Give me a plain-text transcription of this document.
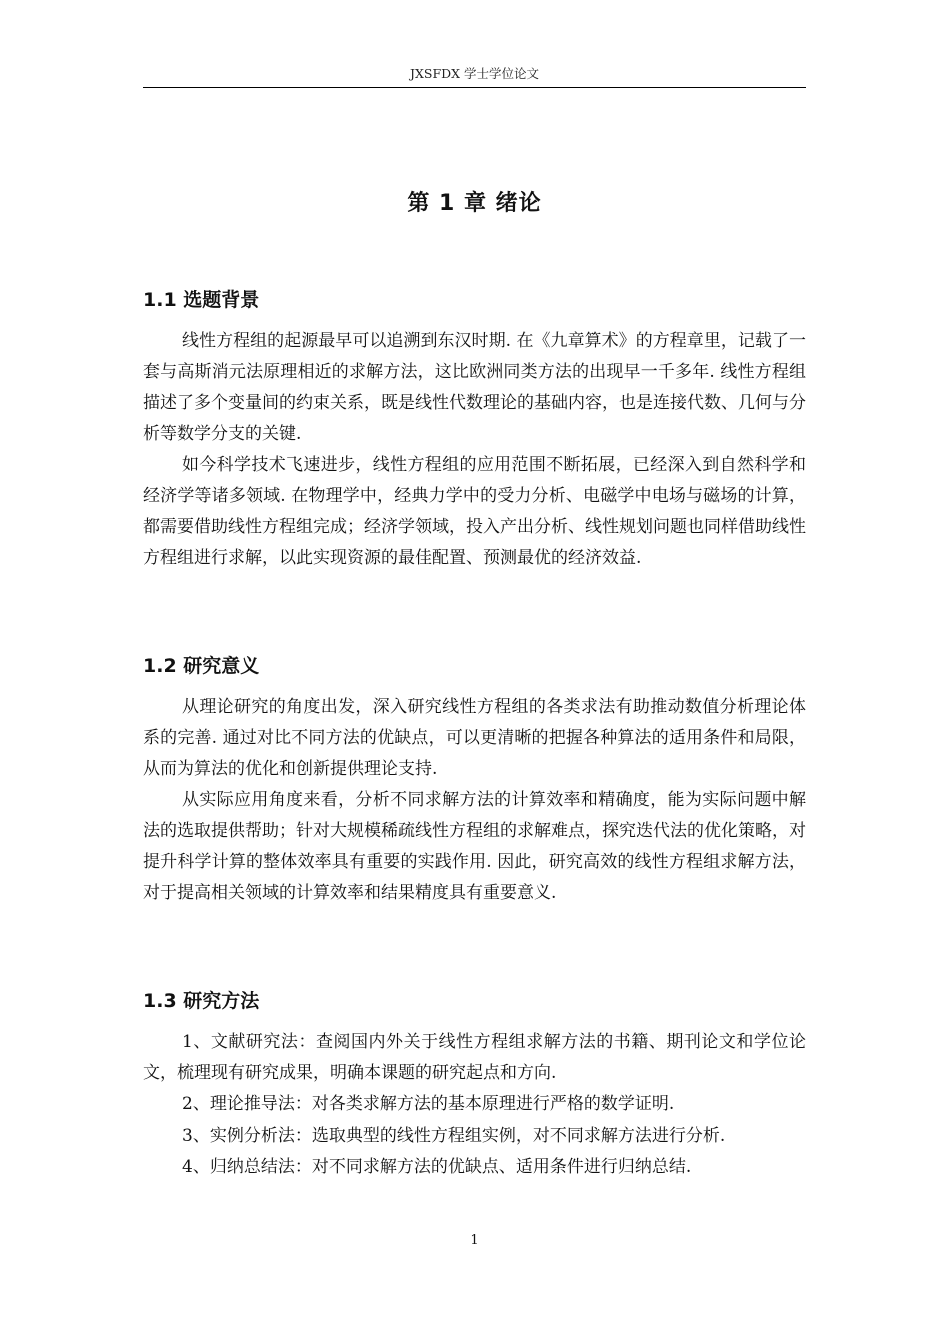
JXSFDX 学士学位论文
第 1 章 绪论
1.1 选题背景

线性方程组的起源最早可以追溯到东汉时期. 在《九章算术》的方程章里，记载了一套与高斯消元法原理相近的求解方法，这比欧洲同类方法的出现早一千多年. 线性方程组描述了多个变量间的约束关系，既是线性代数理论的基础内容，也是连接代数、几何与分析等数学分支的关键.

如今科学技术飞速进步，线性方程组的应用范围不断拓展，已经深入到自然科学和经济学等诸多领域. 在物理学中，经典力学中的受力分析、电磁学中电场与磁场的计算，都需要借助线性方程组完成；经济学领域，投入产出分析、线性规划问题也同样借助线性方程组进行求解，以此实现资源的最佳配置、预测最优的经济效益.

1.2 研究意义

从理论研究的角度出发，深入研究线性方程组的各类求法有助推动数值分析理论体系的完善. 通过对比不同方法的优缺点，可以更清晰的把握各种算法的适用条件和局限，从而为算法的优化和创新提供理论支持.

从实际应用角度来看，分析不同求解方法的计算效率和精确度，能为实际问题中解法的选取提供帮助；针对大规模稀疏线性方程组的求解难点，探究迭代法的优化策略，对提升科学计算的整体效率具有重要的实践作用. 因此，研究高效的线性方程组求解方法，对于提高相关领域的计算效率和结果精度具有重要意义.

1.3 研究方法

1、文献研究法：查阅国内外关于线性方程组求解方法的书籍、期刊论文和学位论文，梳理现有研究成果，明确本课题的研究起点和方向.

2、理论推导法：对各类求解方法的基本原理进行严格的数学证明.

3、实例分析法：选取典型的线性方程组实例，对不同求解方法进行分析.

4、归纳总结法：对不同求解方法的优缺点、适用条件进行归纳总结.

1
